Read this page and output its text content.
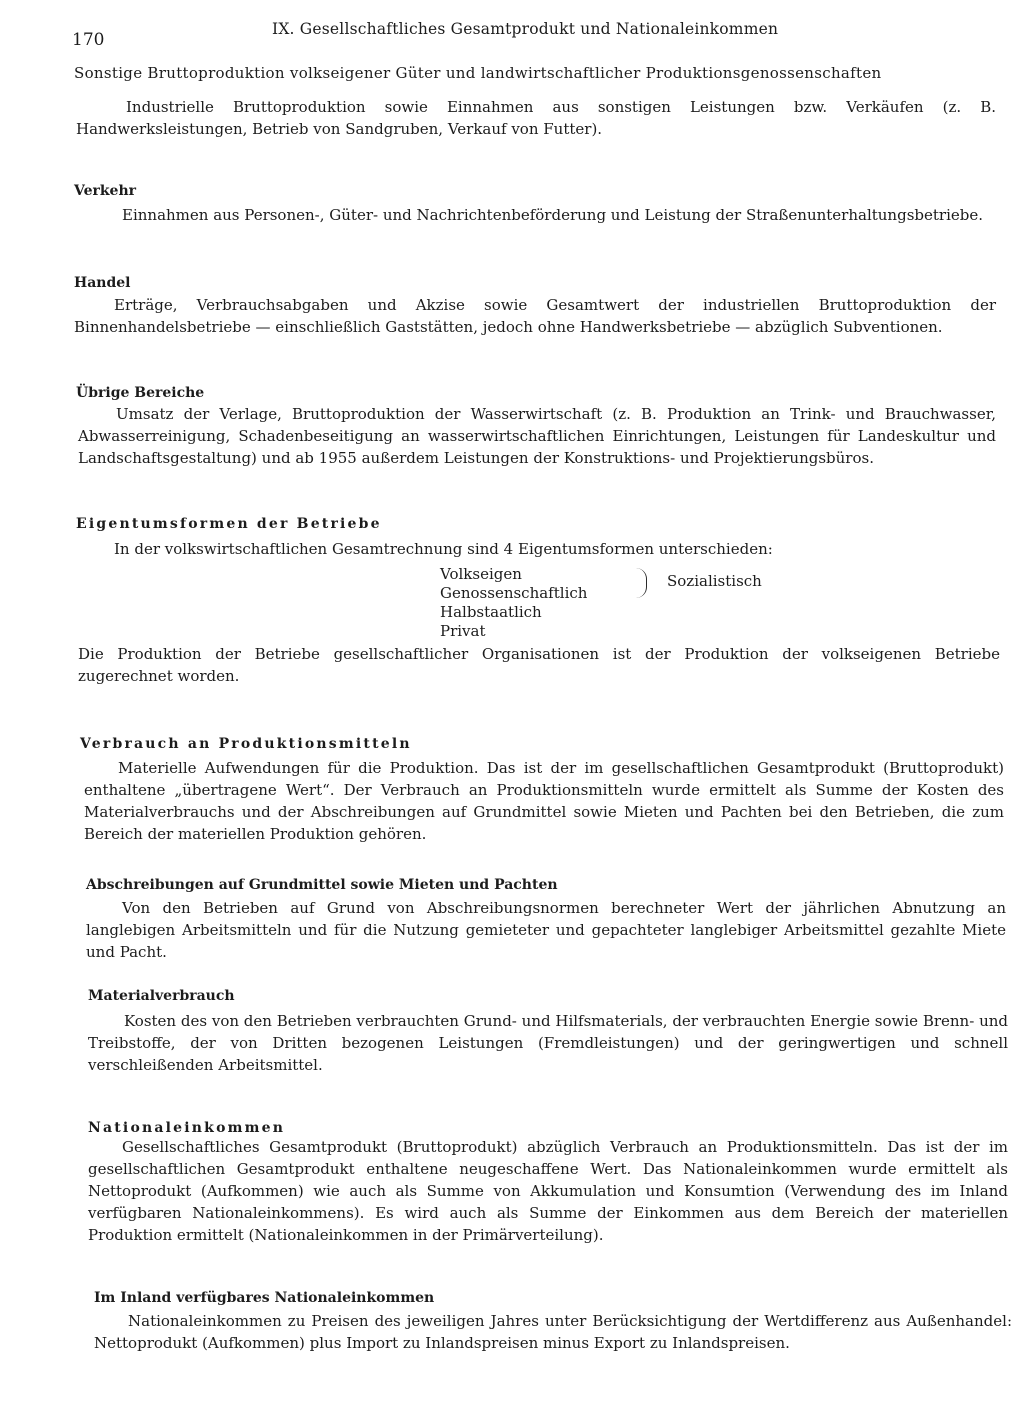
170
IX. Gesellschaftliches Gesamtprodukt und Nationaleinkommen
Sonstige Bruttoproduktion volkseigener Güter und landwirtschaftlicher Produktionsgenossenschaften

Industrielle Bruttoproduktion sowie Einnahmen aus sonstigen Leistungen bzw. Verkäufen (z. B. Handwerksleistungen, Betrieb von Sandgruben, Verkauf von Futter).

Verkehr

Einnahmen aus Personen-, Güter- und Nachrichtenbeförderung und Leistung der Straßenunterhaltungsbetriebe.

Handel

Erträge, Verbrauchsabgaben und Akzise sowie Gesamtwert der industriellen Bruttoproduktion der Binnenhandelsbetriebe — einschließlich Gaststätten, jedoch ohne Handwerksbetriebe — abzüglich Subventionen.

Übrige Bereiche

Umsatz der Verlage, Bruttoproduktion der Wasserwirtschaft (z. B. Produktion an Trink- und Brauchwasser, Abwasserreinigung, Schadenbeseitigung an wasserwirtschaftlichen Einrichtungen, Leistungen für Landeskultur und Landschaftsgestaltung) und ab 1955 außerdem Leistungen der Konstruktions- und Projektierungsbüros.

Eigentumsformen der Betriebe
In der volkswirtschaftlichen Gesamtrechnung sind 4 Eigentumsformen unterschieden:
Volkseigen
Genossenschaftlich
Halbstaatlich
Privat
Sozialistisch

Die Produktion der Betriebe gesellschaftlicher Organisationen ist der Produktion der volkseigenen Betriebe zugerechnet worden.

Verbrauch an Produktionsmitteln

Materielle Aufwendungen für die Produktion. Das ist der im gesellschaftlichen Gesamtprodukt (Bruttoprodukt) enthaltene „übertragene Wert“. Der Verbrauch an Produktionsmitteln wurde ermittelt als Summe der Kosten des Materialverbrauchs und der Abschreibungen auf Grundmittel sowie Mieten und Pachten bei den Betrieben, die zum Bereich der materiellen Produktion gehören.

Abschreibungen auf Grundmittel sowie Mieten und Pachten

Von den Betrieben auf Grund von Abschreibungsnormen berechneter Wert der jährlichen Abnutzung an langlebigen Arbeitsmitteln und für die Nutzung gemieteter und gepachteter langlebiger Arbeitsmittel gezahlte Miete und Pacht.

Materialverbrauch

Kosten des von den Betrieben verbrauchten Grund- und Hilfsmaterials, der verbrauchten Energie sowie Brenn- und Treibstoffe, der von Dritten bezogenen Leistungen (Fremdleistungen) und der geringwertigen und schnell verschleißenden Arbeitsmittel.

Nationaleinkommen

Gesellschaftliches Gesamtprodukt (Bruttoprodukt) abzüglich Verbrauch an Produktionsmitteln. Das ist der im gesellschaftlichen Gesamtprodukt enthaltene neugeschaffene Wert. Das Nationaleinkommen wurde ermittelt als Nettoprodukt (Aufkommen) wie auch als Summe von Akkumulation und Konsumtion (Verwendung des im Inland verfügbaren Nationaleinkommens). Es wird auch als Summe der Einkommen aus dem Bereich der materiellen Produktion ermittelt (Nationaleinkommen in der Primärverteilung).

Im Inland verfügbares Nationaleinkommen

Nationaleinkommen zu Preisen des jeweiligen Jahres unter Berücksichtigung der Wertdifferenz aus Außenhandel: Nettoprodukt (Aufkommen) plus Import zu Inlandspreisen minus Export zu Inlandspreisen.
